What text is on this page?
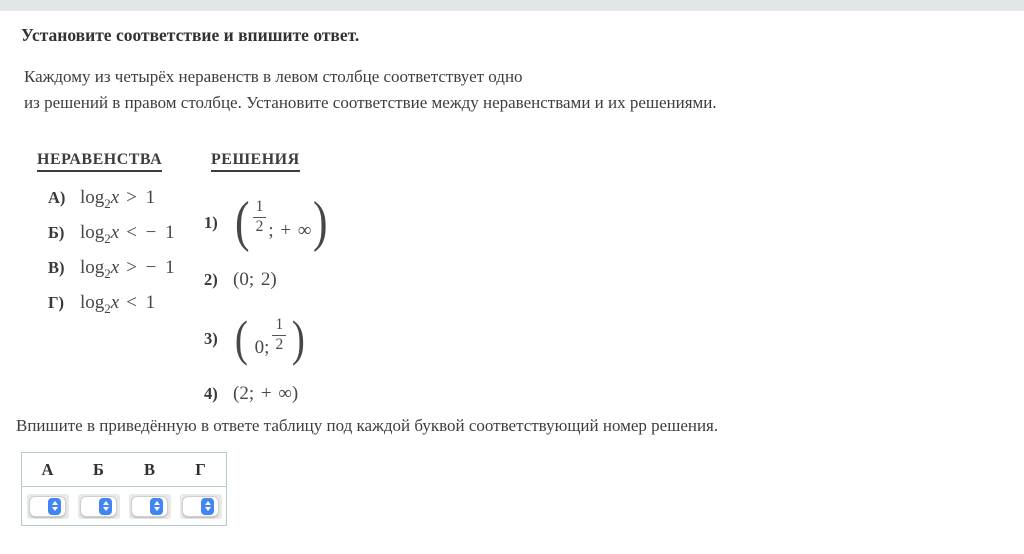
Установите соответствие и впишите ответ.
Каждому из четырёх неравенств в левом столбце соответствует одно
из решений в правом столбце. Установите соответствие между неравенствами и их решениями.
НЕРАВЕНСТВА	РЕШЕНИЯ
А) $\log_2x > 1$
Б) $\log_2x$ < − 1
В) $\log_2x$ > − 1
Г) $\log_2x < 1$
1) ( $\frac{1}{2}$ ; + ∞ )
2) (0; 2)
3) ( 0; $\frac{1}{2}$ )
4) (2; + ∞)
Впишите в приведённую в ответе таблицу под каждой буквой соответствующий номер решения.
А	Б	В	Г
